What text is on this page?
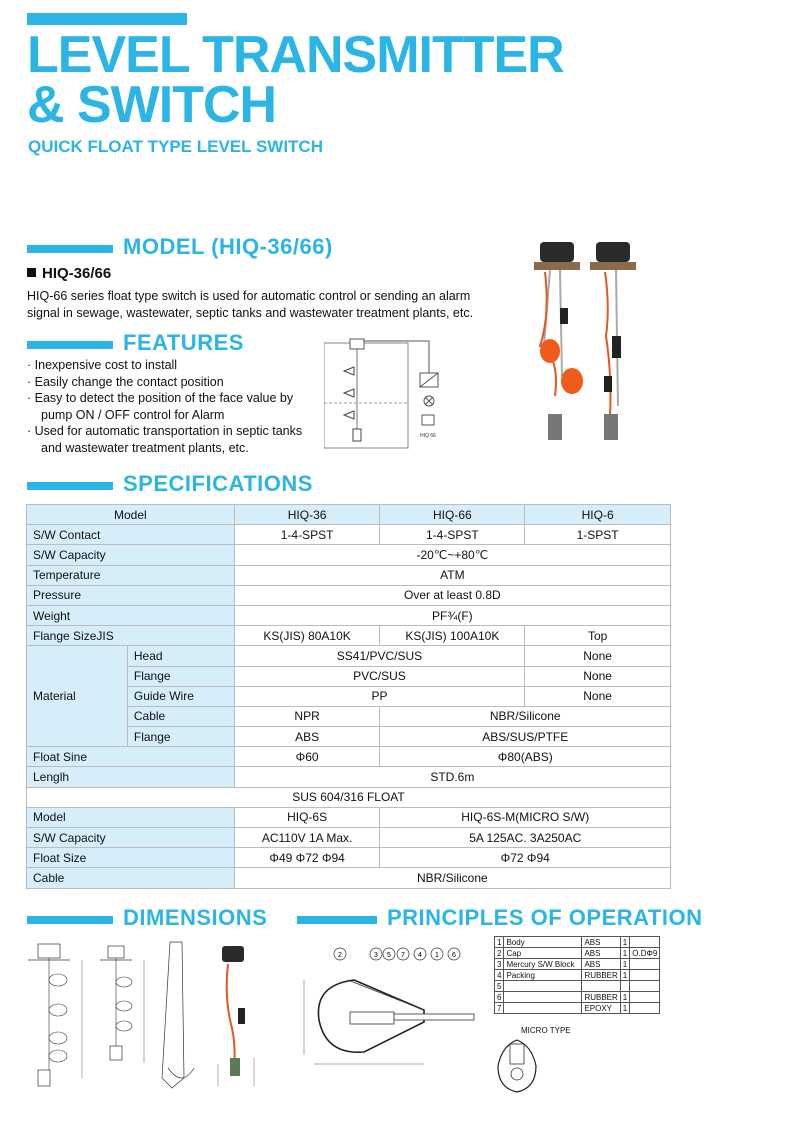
LEVEL TRANSMITTER
& SWITCH
QUICK FLOAT TYPE LEVEL SWITCH
MODEL (HIQ-36/66)
HIQ-36/66
HIQ-66 series float type switch is used for automatic control or sending an alarm
signal in sewage, wastewater, septic tanks and wastewater treatment plants, etc.
FEATURES
· Inexpensive cost to install
· Easily change the contact position
· Easy to detect the position of the face value by pump ON / OFF control for Alarm
· Used for automatic transportation in septic tanks and wastewater treatment plants, etc.
HIQ 66
SPECIFICATIONS
Model		HIQ-36	HIQ-66	HIQ-6
S/W Contact		1-4-SPST	1-4-SPST	1-SPST
S/W Capacity		-20℃~+80℃		
Temperature		ATM		
Pressure		Over at least 0.8D		
Weight		PF¾(F)		
Flange SizeJIS		KS(JIS) 80A10K	KS(JIS) 100A10K	Top
Material	Head	SS41/PVC/SUS		None
	Flange	PVC/SUS		None
	Guide Wire	PP		None
	Cable	NPR	NBR/Silicone	
	Flange	ABS	ABS/SUS/PTFE	
Float Sine		Φ60	Φ80(ABS)	
Lenglh		STD.6m		
SUS 604/316 FLOAT				
Model		HIQ-6S	HIQ-6S-M(MICRO S/W)	
S/W Capacity		AC110V 1A Max.	5A 125AC. 3A250AC	
Float Size		Φ49 Φ72 Φ94	Φ72 Φ94	
Cable		NBR/Silicone		
DIMENSIONS	PRINCIPLES OF OPERATION
2	3 5 7 4 1 6
1	Body	ABS	1	
2	Cap	ABS	1	O.DΦ9
3	Mercury S/W Block	ABS	1	
4	Packing	RUBBER	1	
5				
6		RUBBER	1	
7		EPOXY	1	
MICRO TYPE
